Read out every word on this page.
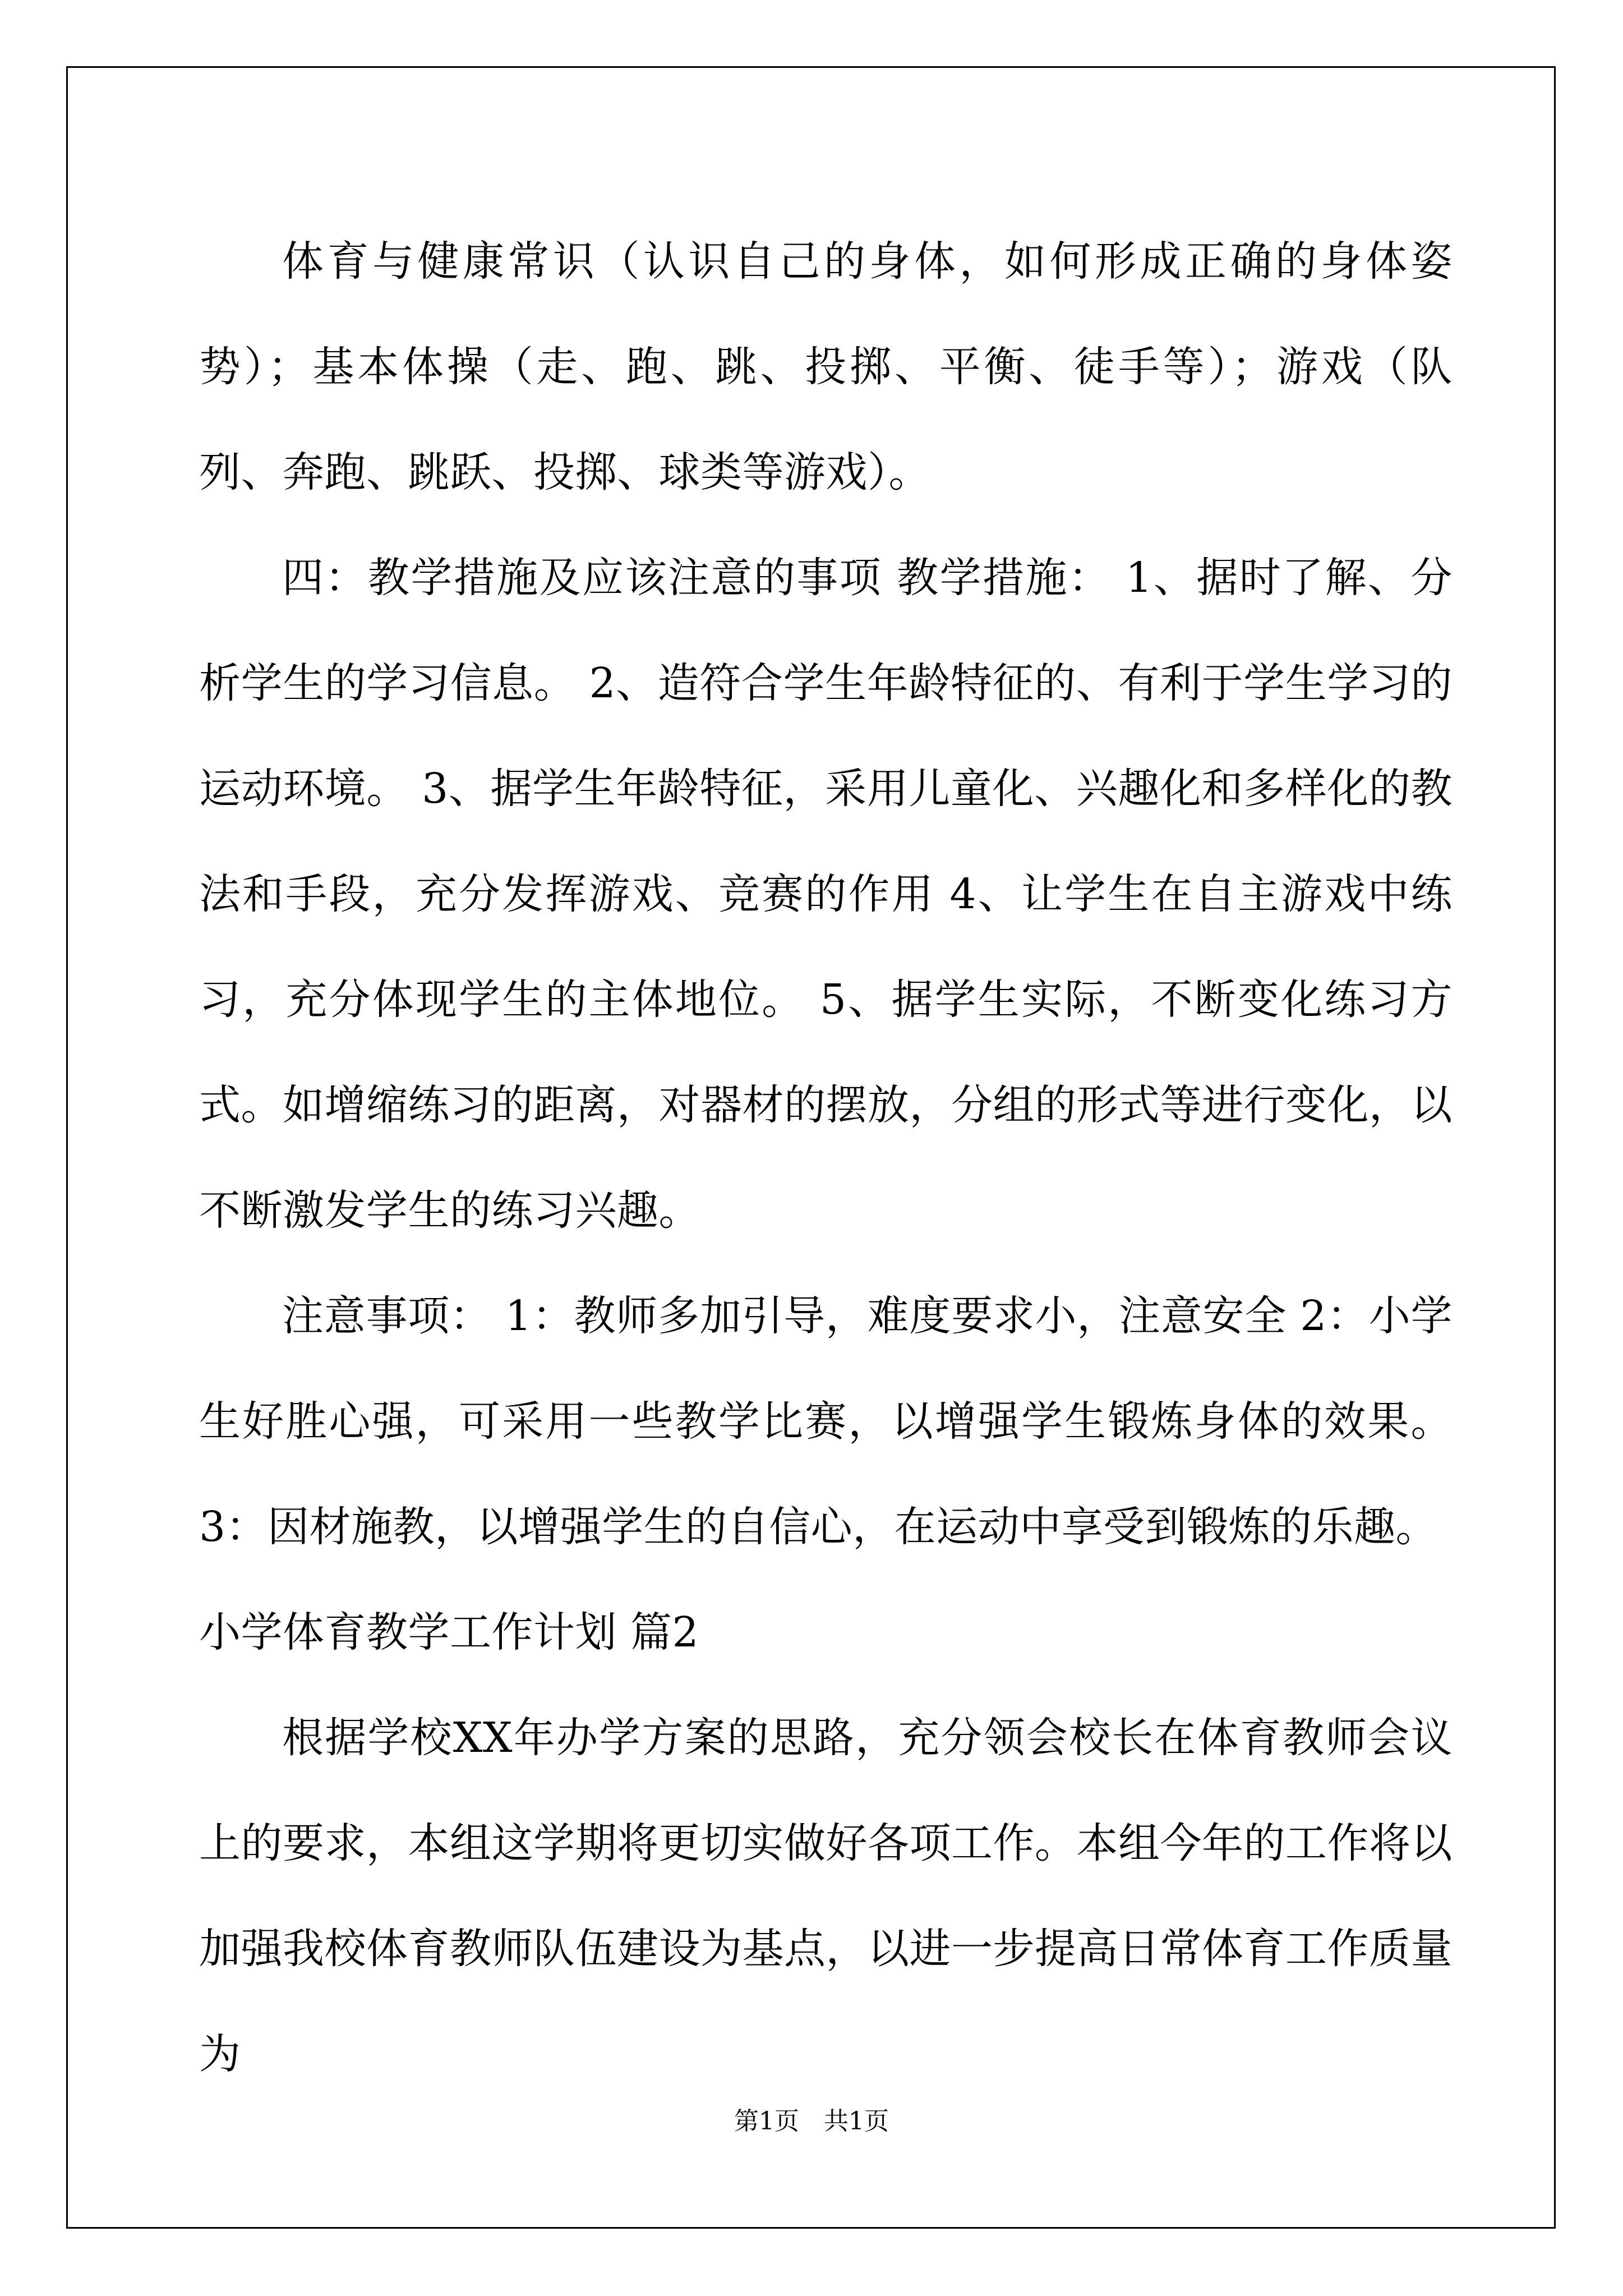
体育与健康常识（认识自己的身体，如何形成正确的身体姿势）；基本体操（走、跑、跳、投掷、平衡、徒手等）；游戏（队列、奔跑、跳跃、投掷、球类等游戏）。

四：教学措施及应该注意的事项 教学措施： 1、据时了解、分析学生的学习信息。 2、造符合学生年龄特征的、有利于学生学习的运动环境。 3、据学生年龄特征，采用儿童化、兴趣化和多样化的教法和手段，充分发挥游戏、竞赛的作用 4、让学生在自主游戏中练习，充分体现学生的主体地位。 5、据学生实际，不断变化练习方式。如增缩练习的距离，对器材的摆放，分组的形式等进行变化，以不断激发学生的练习兴趣。

注意事项： 1：教师多加引导，难度要求小，注意安全 2：小学生好胜心强，可采用一些教学比赛，以增强学生锻炼身体的效果。 3：因材施教，以增强学生的自信心，在运动中享受到锻炼的乐趣。

小学体育教学工作计划 篇2

根据学校XX年办学方案的思路，充分领会校长在体育教师会议上的要求，本组这学期将更切实做好各项工作。本组今年的工作将以加强我校体育教师队伍建设为基点，以进一步提高日常体育工作质量为

第1页　共1页
